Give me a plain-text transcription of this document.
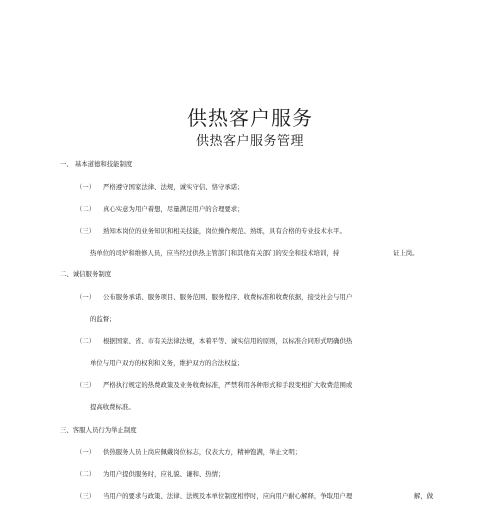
供热客户服务
供热客户服务管理
一、 基本道德和技能制度
（一） 严格遵守国家法律、法规，诚实守信、恪守承诺；
（二） 真心实意为用户着想，尽量满足用户的合理要求；
（三） 熟知本岗位的业务知识和相关技能，岗位操作规范、熟练，具有合格的专业技术水平。
热单位的司炉和维修人员，应当经过供热主管部门和其他有关部门的安全和技术培训，持	证上岗。
二、诚信服务制度
（一） 公布服务承诺、服务项目、服务范围、服务程序、收费标准和收费依据，接受社会与用户
的监督；
（二） 根据国家、省、市有关法律法规，本着平等、诚实信用的原则，以标准合同形式明确供热
单位与用户双方的权利和义务，维护双方的合法权益；
（三） 严格执行规定的热费政策及业务收费标准，严禁利用各种形式和手段变相扩大收费范围或
提高收费标准。
三、客服人员行为举止制度
（一） 供热服务人员上岗应佩戴岗位标志，仪表大方，精神饱满，举止文明；
（二） 为用户提供服务时，应礼貌、谦和、热情；
（三） 当用户的要求与政策、法律、法规及本单位制度相悖时，应向用户耐心解释，争取用户理	解，做
